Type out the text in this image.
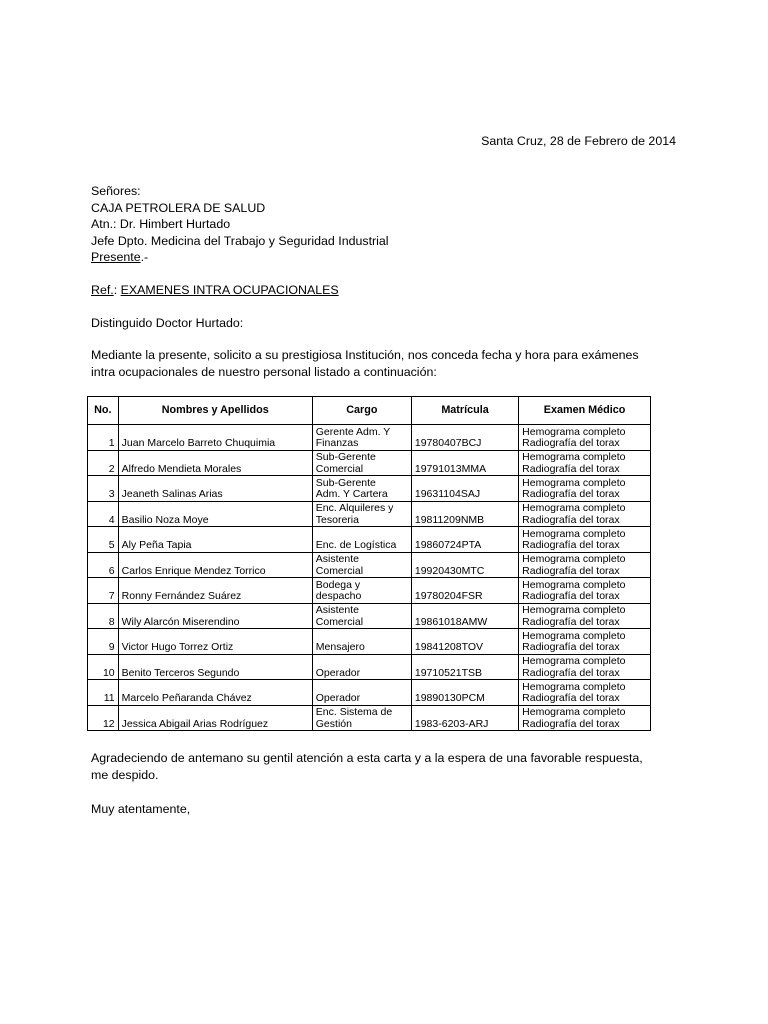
Santa Cruz, 28 de Febrero de 2014
Señores:
CAJA PETROLERA DE SALUD
Atn.: Dr. Himbert Hurtado
Jefe Dpto. Medicina del Trabajo y Seguridad Industrial
Presente.-
Ref.: EXAMENES INTRA OCUPACIONALES
Distinguido Doctor Hurtado:
Mediante la presente, solicito a su prestigiosa Institución, nos conceda fecha y hora para exámenes
intra ocupacionales de nuestro personal listado a continuación:
No.	Nombres y Apellidos	Cargo	Matrícula	Examen Médico
1	Juan Marcelo Barreto Chuquimia	Gerente Adm. Y
Finanzas	19780407BCJ	Hemograma completo
Radiografía del torax

2	Alfredo Mendieta Morales	Sub-Gerente
Comercial	19791013MMA	Hemograma completo
Radiografía del torax

3	Jeaneth Salinas Arias	Sub-Gerente
Adm. Y Cartera	19631104SAJ	Hemograma completo
Radiografía del torax

4	Basilio Noza Moye	Enc. Alquileres y
Tesoreria	19811209NMB	Hemograma completo
Radiografía del torax

5	Aly Peña Tapia	Enc. de Logística	19860724PTA	Hemograma completo
Radiografía del torax

6	Carlos Enrique Mendez Torrico	Asistente
Comercial	19920430MTC	Hemograma completo
Radiografía del torax

7	Ronny Fernández Suárez	Bodega y
despacho	19780204FSR	Hemograma completo
Radiografía del torax

8	Wily Alarcón Miserendino	Asistente
Comercial	19861018AMW	Hemograma completo
Radiografía del torax

9	Victor Hugo Torrez Ortiz	Mensajero	19841208TOV	Hemograma completo
Radiografía del torax

10	Benito Terceros Segundo	Operador	19710521TSB	Hemograma completo
Radiografía del torax

11	Marcelo Peñaranda Chávez	Operador	19890130PCM	Hemograma completo
Radiografía del torax

12	Jessica Abigail Arias Rodríguez	Enc. Sistema de
Gestión	1983-6203-ARJ	Hemograma completo
Radiografía del torax
Agradeciendo de antemano su gentil atención a esta carta y a la espera de una favorable respuesta,
me despido.
Muy atentamente,
